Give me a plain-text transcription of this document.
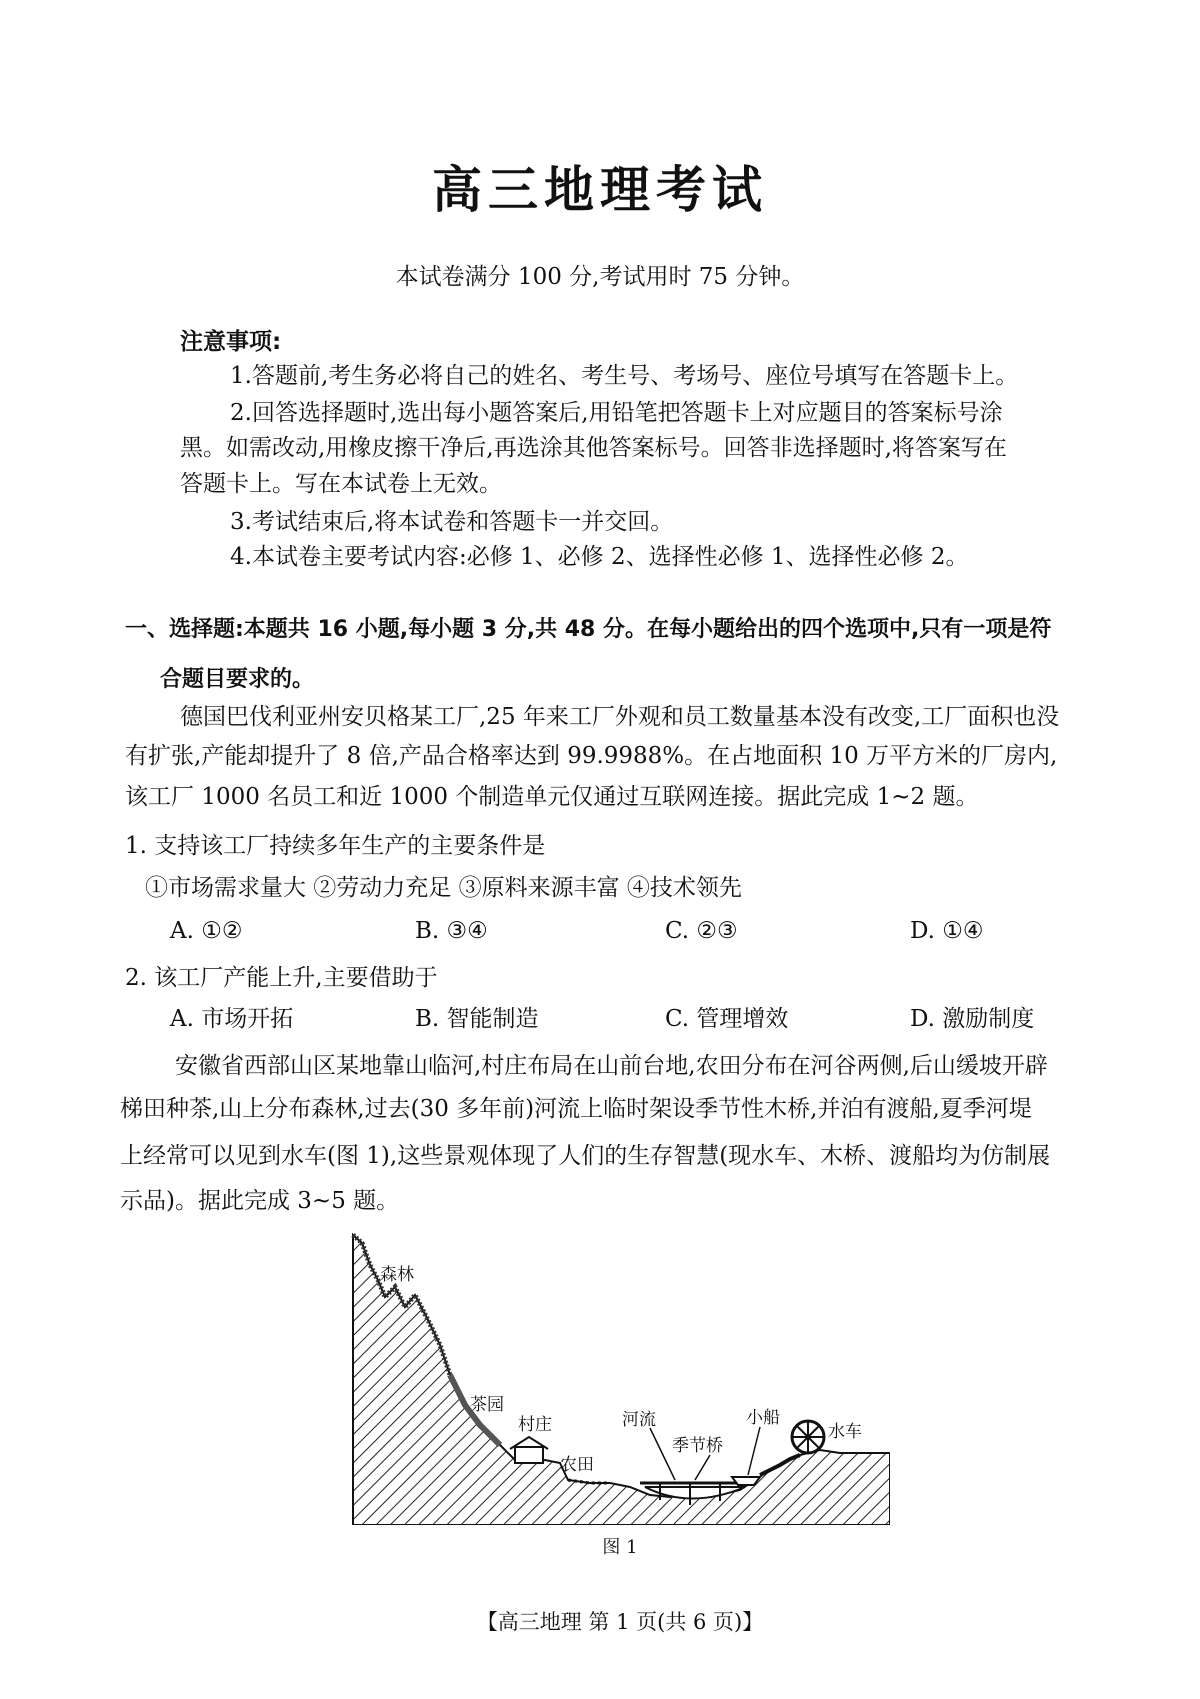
高三地理考试
本试卷满分 100 分,考试用时 75 分钟。
注意事项:
1.答题前,考生务必将自己的姓名、考生号、考场号、座位号填写在答题卡上。
2.回答选择题时,选出每小题答案后,用铅笔把答题卡上对应题目的答案标号涂
黑。如需改动,用橡皮擦干净后,再选涂其他答案标号。回答非选择题时,将答案写在
答题卡上。写在本试卷上无效。
3.考试结束后,将本试卷和答题卡一并交回。
4.本试卷主要考试内容:必修 1、必修 2、选择性必修 1、选择性必修 2。
一、选择题:本题共 16 小题,每小题 3 分,共 48 分。在每小题给出的四个选项中,只有一项是符
合题目要求的。
德国巴伐利亚州安贝格某工厂,25 年来工厂外观和员工数量基本没有改变,工厂面积也没
有扩张,产能却提升了 8 倍,产品合格率达到 99.9988%。在占地面积 10 万平方米的厂房内,
该工厂 1000 名员工和近 1000 个制造单元仅通过互联网连接。据此完成 1~2 题。
1. 支持该工厂持续多年生产的主要条件是
①市场需求量大 ②劳动力充足 ③原料来源丰富 ④技术领先
A. ①②	B. ③④	C. ②③	D. ①④
2. 该工厂产能上升,主要借助于
A. 市场开拓	B. 智能制造	C. 管理增效	D. 激励制度
安徽省西部山区某地靠山临河,村庄布局在山前台地,农田分布在河谷两侧,后山缓坡开辟
梯田种茶,山上分布森林,过去(30 多年前)河流上临时架设季节性木桥,并泊有渡船,夏季河堤
上经常可以见到水车(图 1),这些景观体现了人们的生存智慧(现水车、木桥、渡船均为仿制展
示品)。据此完成 3~5 题。
森林
茶园
村庄
农田
河流
季节桥
小船
水车
图 1
【高三地理 第 1 页(共 6 页)】
